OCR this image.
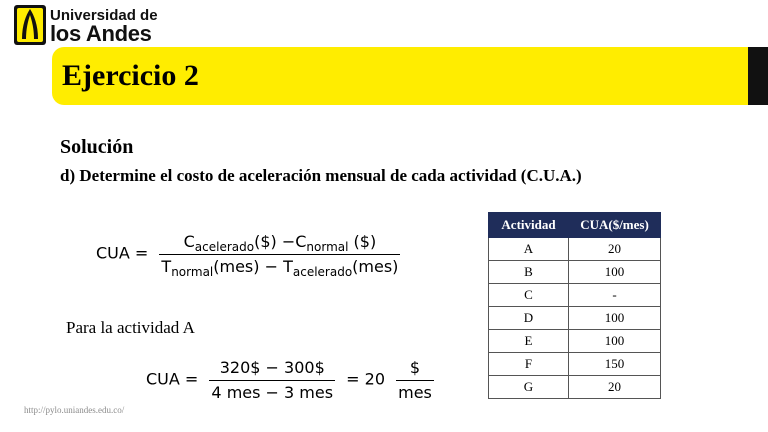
Universidad de
los Andes
Ejercicio 2
Solución
d) Determine el costo de aceleración mensual de cada actividad (C.U.A.)
CUA = $\frac{C_{acelerado}(\$) -C_{normal} (\$)}{T_{normal}(mes) - T_{acelerado}(mes)}$
Para la actividad A
CUA = $\frac{320\$ - 300\$}{\text{4 mes − 3 mes}} = 20 \frac{\$}{\text{mes}}$
http://pylo.uniandes.edu.co/
Actividad	CUA($/mes)
A	20
B	100
C	-
D	100
E	100
F	150
G	20
